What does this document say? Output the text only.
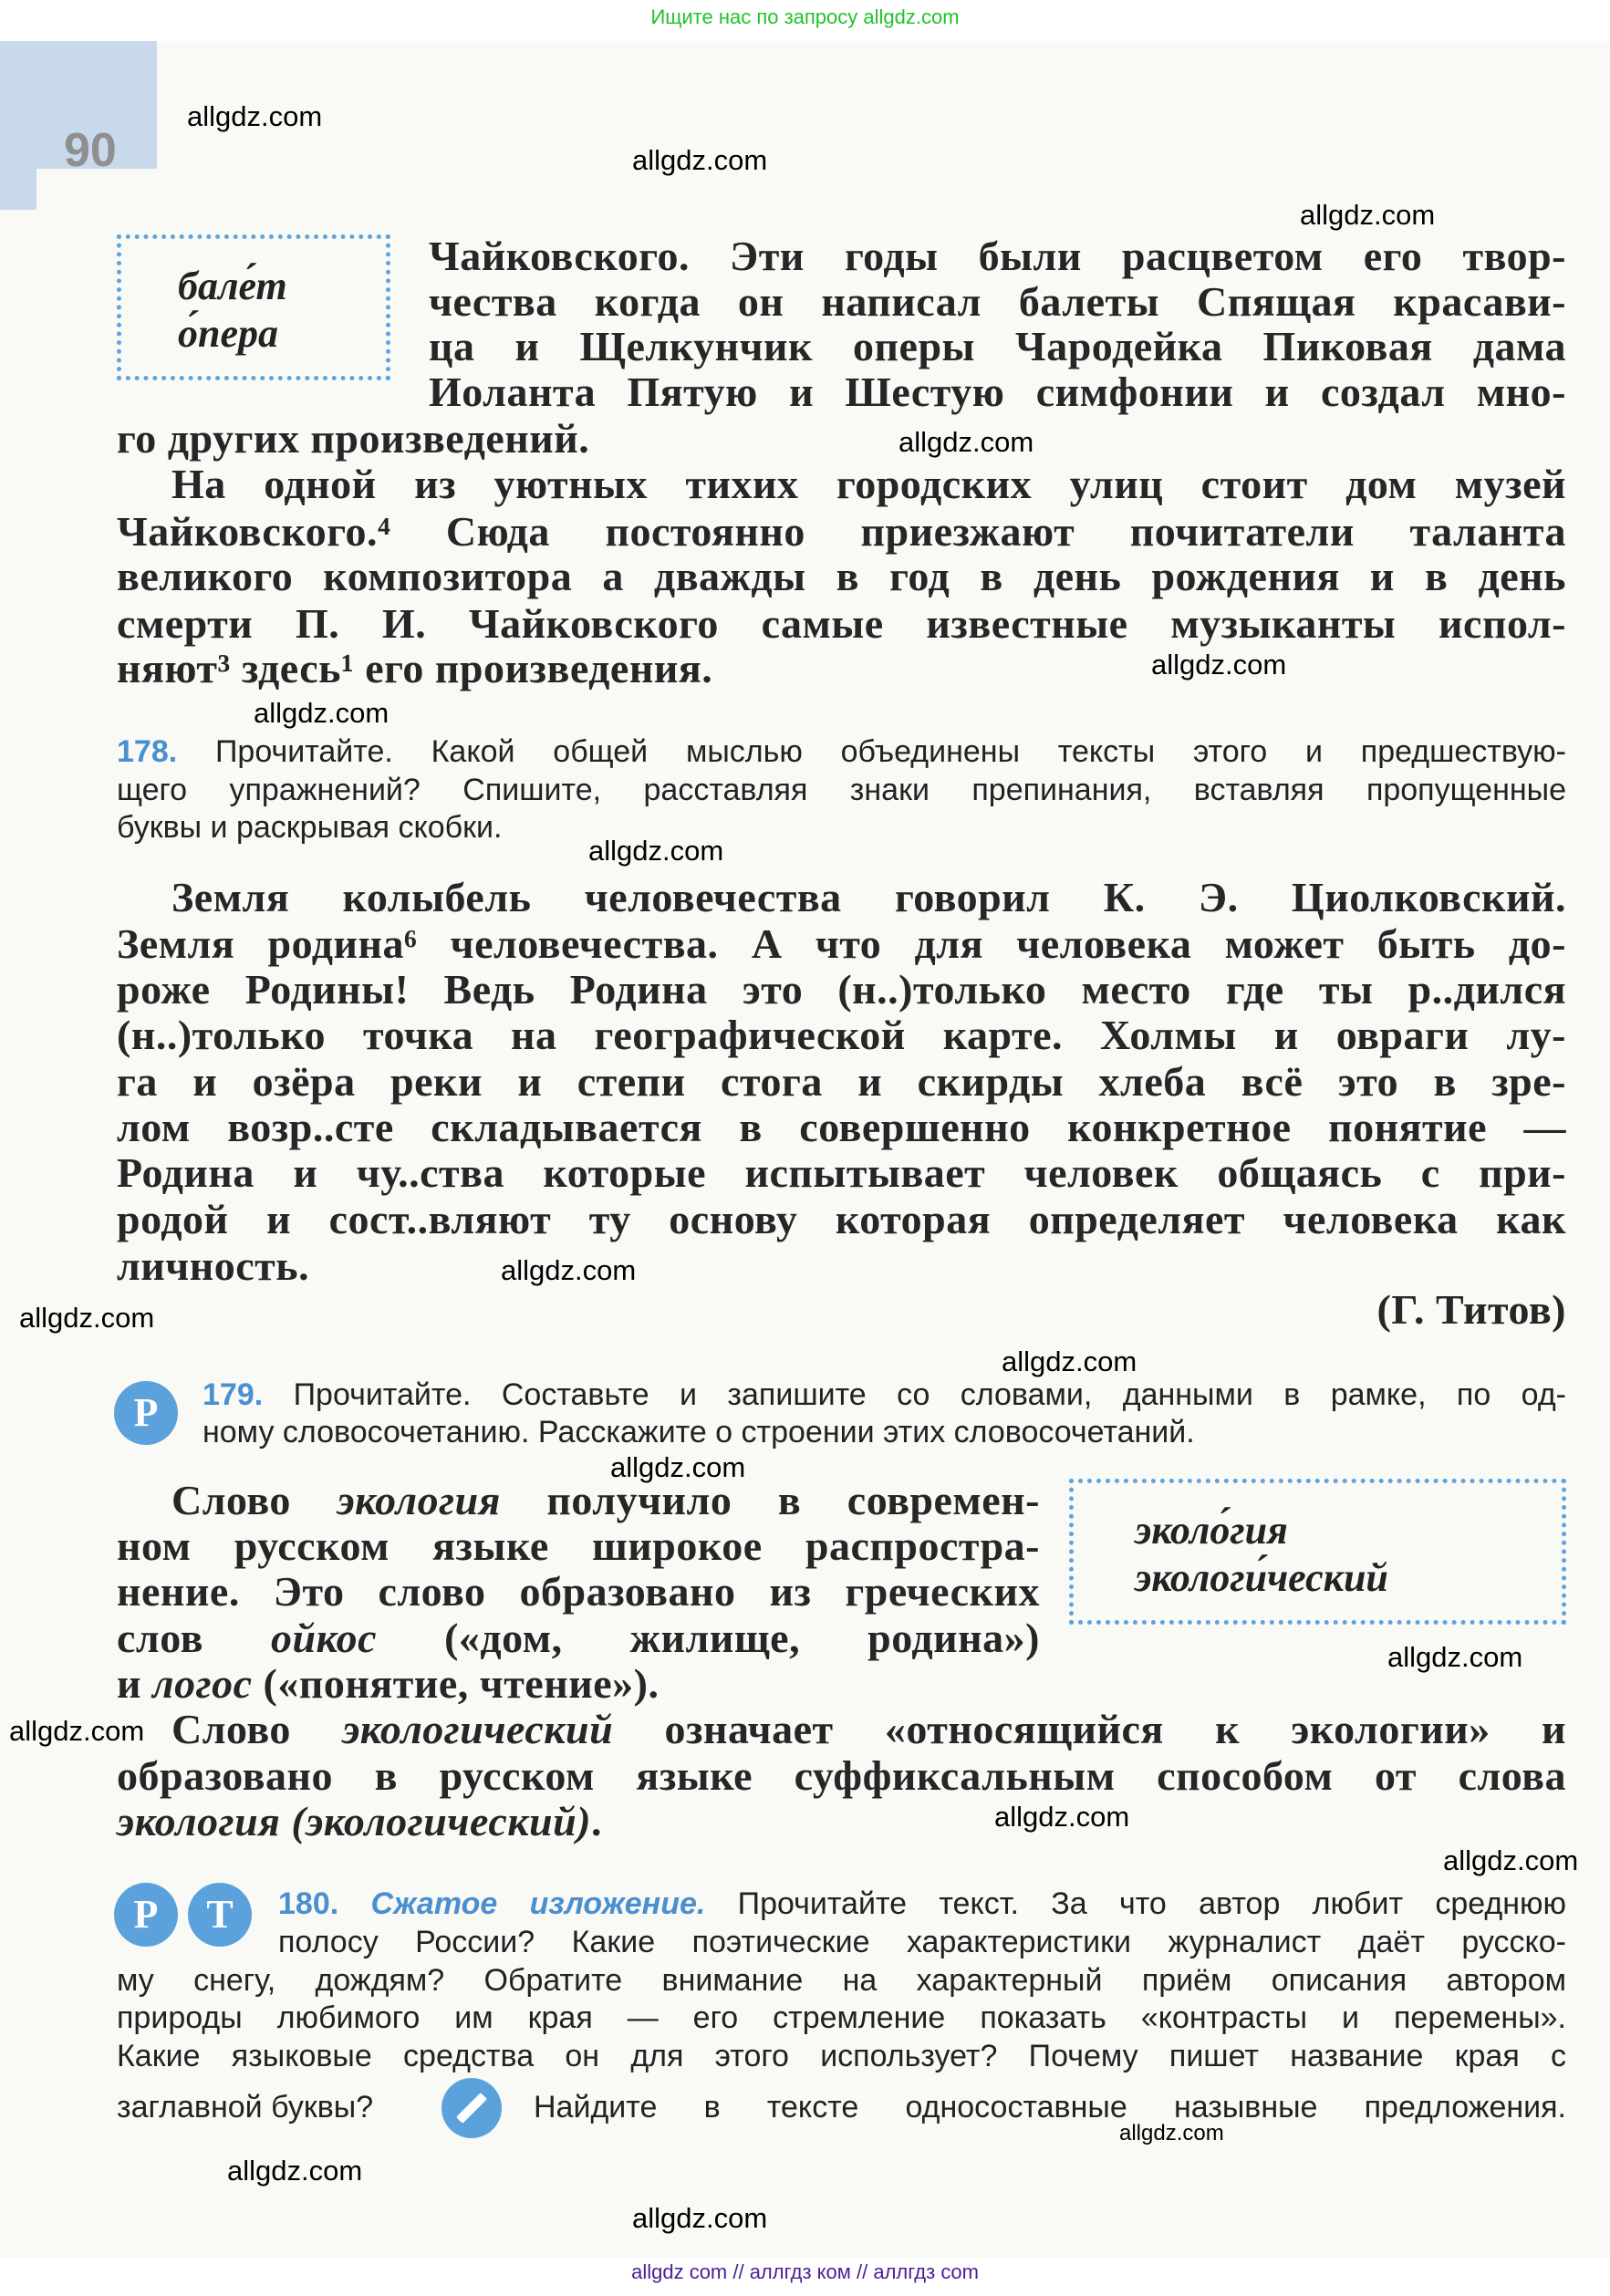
Ищите нас по запросу allgdz.com
90
бале́т
о́пера
Чайковского. Эти годы были расцветом его твор-
чества когда он написал балеты Спящая красави-
ца и Щелкунчик оперы Чародейка Пиковая дама
Иоланта Пятую и Шестую симфонии и создал мно-
го других произведений.
На одной из уютных тихих городских улиц стоит дом музей
Чайковского.⁴ Сюда постоянно приезжают почитатели таланта
великого композитора а дважды в год в день рождения и в день
смерти П. И. Чайковского самые известные музыканты испол-
няют³ здесь¹ его произведения.
178. Прочитайте. Какой общей мыслью объединены тексты этого и предшествую-
щего упражнений? Спишите, расставляя знаки препинания, вставляя пропущенные
буквы и раскрывая скобки.
Земля колыбель человечества говорил К. Э. Циолковский.
Земля родина⁶ человечества. А что для человека может быть до-
роже Родины! Ведь Родина это (н..)только место где ты р..дился
(н..)только точка на географической карте. Холмы и овраги лу-
га и озёра реки и степи стога и скирды хлеба всё это в зре-
лом возр..сте складывается в совершенно конкретное понятие —
Родина и чу..ства которые испытывает человек общаясь с при-
родой и сост..вляют ту основу которая определяет человека как
личность.
(Г. Титов)
Р	179. Прочитайте. Составьте и запишите со словами, данными в рамке, по од-
ному словосочетанию. Расскажите о строении этих словосочетаний.
эколо́гия
экологи́ческий
Слово экология получило в современ-
ном русском языке широкое распростра-
нение. Это слово образовано из греческих
слов ойкос («дом, жилище, родина»)
и логос («понятие, чтение»).
Слово экологический означает «относящийся к экологии» и
образовано в русском языке суффиксальным способом от слова
экология (экологический).
Р	Т	180. Сжатое изложение. Прочитайте текст. За что автор любит среднюю
полосу России? Какие поэтические характеристики журналист даёт русско-
му снегу, дождям? Обратите внимание на характерный приём описания автором
природы любимого им края — его стремление показать «контрасты и перемены».
Какие языковые средства он для этого использует? Почему пишет название края с
заглавной буквы?	Найдите в тексте односоставные назывные предложения.
allgdz.com
allgdz.com
allgdz.com
allgdz.com
allgdz.com
allgdz.com
allgdz.com
allgdz.com
allgdz.com
allgdz.com
allgdz.com
allgdz.com
allgdz.com
allgdz.com
allgdz.com
allgdz.com
allgdz.com
allgdz.com
allgdz com // аллгдз ком // аллгдз com
